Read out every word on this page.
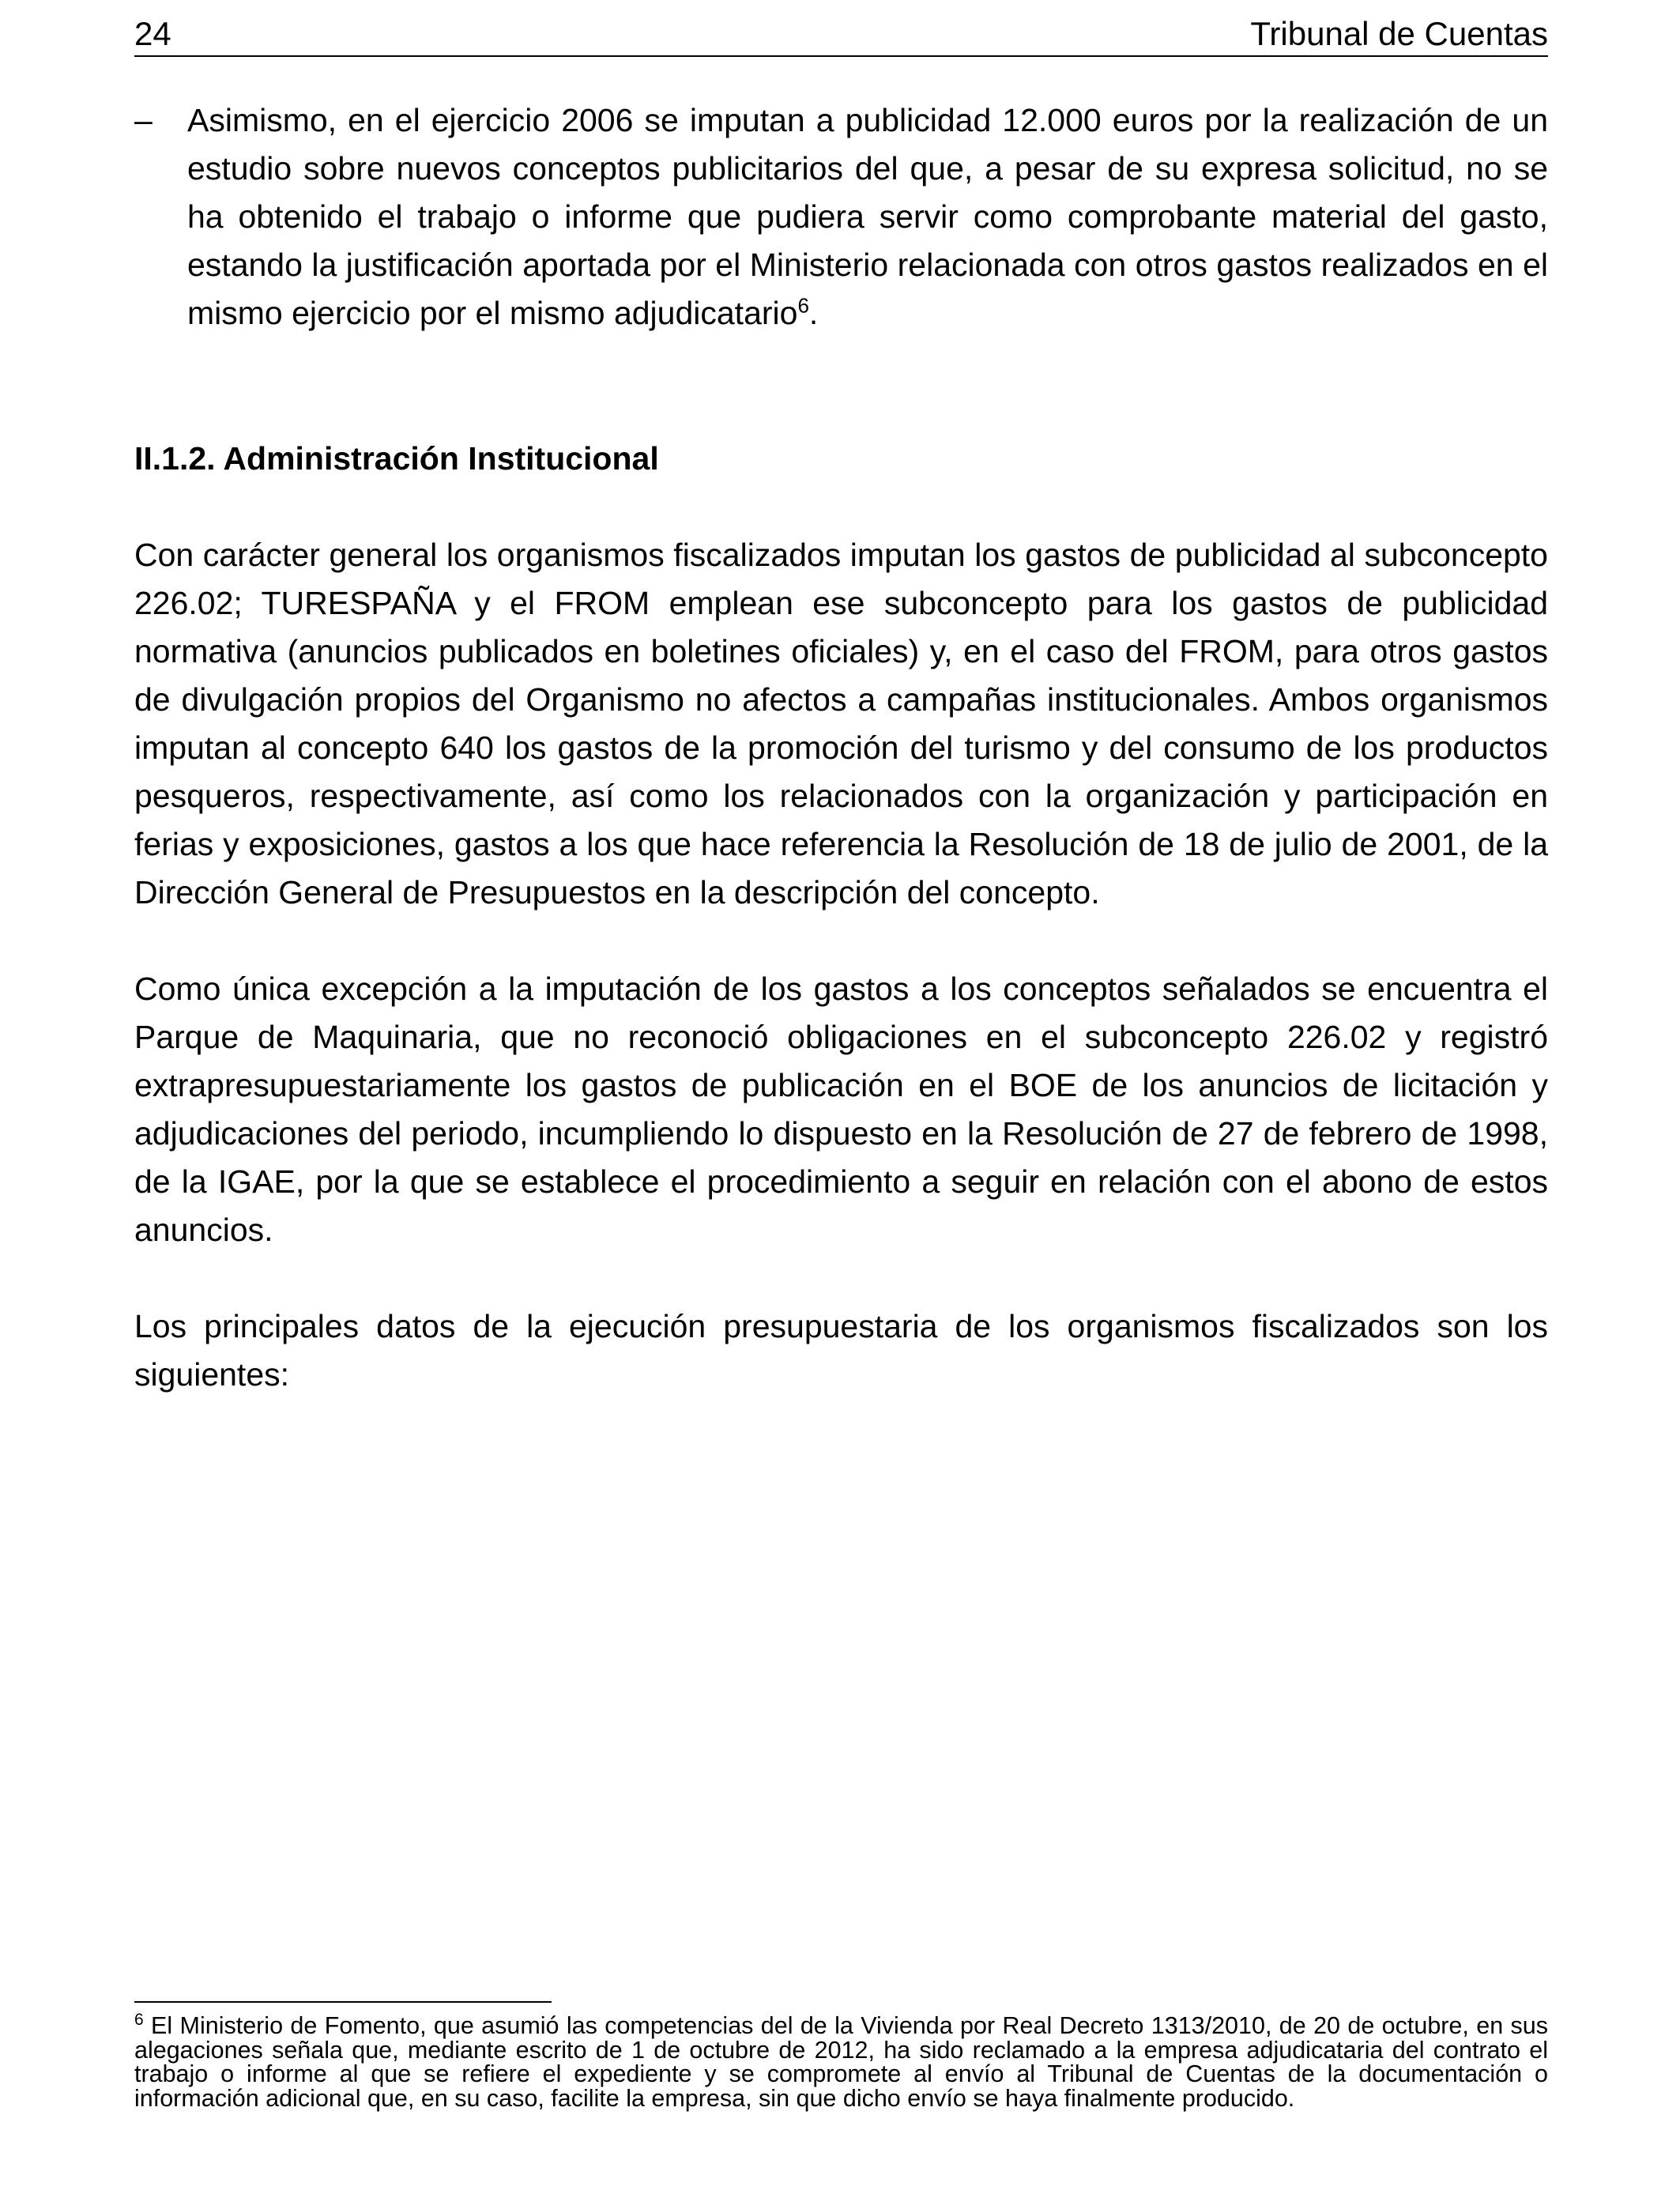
24	Tribunal de Cuentas
– Asimismo, en el ejercicio 2006 se imputan a publicidad 12.000 euros por la realización de un estudio sobre nuevos conceptos publicitarios del que, a pesar de su expresa solicitud, no se ha obtenido el trabajo o informe que pudiera servir como comprobante material del gasto, estando la justificación aportada por el Ministerio relacionada con otros gastos realizados en el mismo ejercicio por el mismo adjudicatario$^6$.
II.1.2. Administración Institucional
Con carácter general los organismos fiscalizados imputan los gastos de publicidad al subconcepto 226.02; TURESPAÑA y el FROM emplean ese subconcepto para los gastos de publicidad normativa (anuncios publicados en boletines oficiales) y, en el caso del FROM, para otros gastos de divulgación propios del Organismo no afectos a campañas institucionales. Ambos organismos imputan al concepto 640 los gastos de la promoción del turismo y del consumo de los productos pesqueros, respectivamente, así como los relacionados con la organización y participación en ferias y exposiciones, gastos a los que hace referencia la Resolución de 18 de julio de 2001, de la Dirección General de Presupuestos en la descripción del concepto.
Como única excepción a la imputación de los gastos a los conceptos señalados se encuentra el Parque de Maquinaria, que no reconoció obligaciones en el subconcepto 226.02 y registró extrapresupuestariamente los gastos de publicación en el BOE de los anuncios de licitación y adjudicaciones del periodo, incumpliendo lo dispuesto en la Resolución de 27 de febrero de 1998, de la IGAE, por la que se establece el procedimiento a seguir en relación con el abono de estos anuncios.
Los principales datos de la ejecución presupuestaria de los organismos fiscalizados son los siguientes:
$^6$ El Ministerio de Fomento, que asumió las competencias del de la Vivienda por Real Decreto 1313/2010, de 20 de octubre, en sus alegaciones señala que, mediante escrito de 1 de octubre de 2012, ha sido reclamado a la empresa adjudicataria del contrato el trabajo o informe al que se refiere el expediente y se compromete al envío al Tribunal de Cuentas de la documentación o información adicional que, en su caso, facilite la empresa, sin que dicho envío se haya finalmente producido.
